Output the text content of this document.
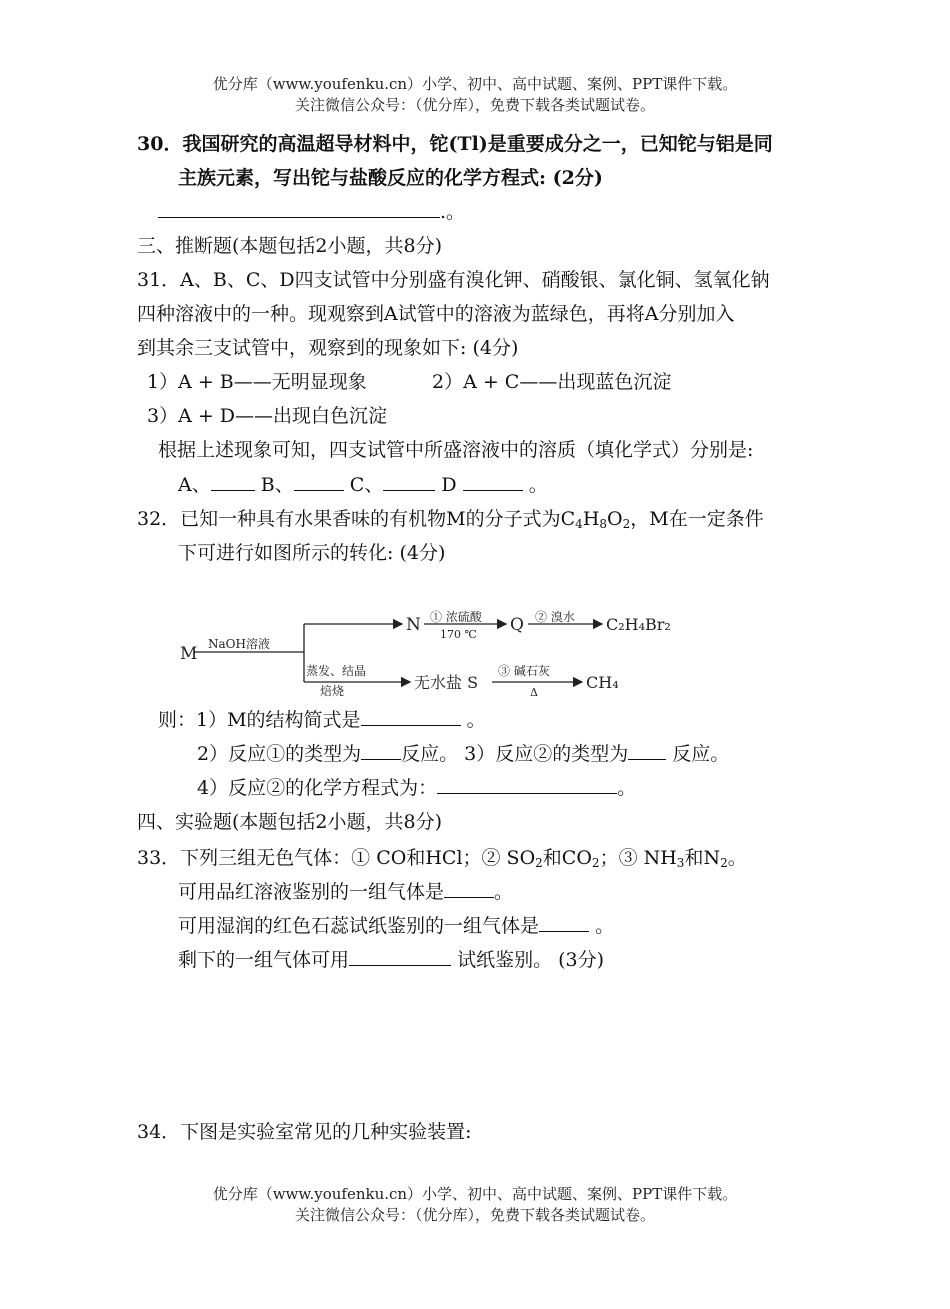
优分库（www.youfenku.cn）小学、初中、高中试题、案例、PPT课件下载。
关注微信公众号：（优分库），免费下载各类试题试卷。
30．我国研究的高温超导材料中，铊(Tl)是重要成分之一，已知铊与铝是同
主族元素，写出铊与盐酸反应的化学方程式: (2分)
.。
三、推断题(本题包括2小题，共8分)
31．A、B、C、D四支试管中分别盛有溴化钾、硝酸银、氯化铜、氢氧化钠
四种溶液中的一种。现观察到A试管中的溶液为蓝绿色，再将A分别加入
到其余三支试管中，观察到的现象如下: (4分)
1）A + B——无明显现象	2）A + C——出现蓝色沉淀
3）A + D——出现白色沉淀
根据上述现象可知，四支试管中所盛溶液中的溶质（填化学式）分别是:
A、	B、	C、	D	。
32．已知一种具有水果香味的有机物M的分子式为$C_4H_8O_2$，M在一定条件
下可进行如图所示的转化: (4分)
M NaOH溶液
N ① 浓硫酸
170 ℃ Q ② 溴水 C₂H₄Br₂
蒸发、结晶
焙烧	无水盐 S
③ 碱石灰
Δ
CH₄
则：1）M的结构简式是	。
2）反应①的类型为 反应。 3）反应②的类型为 反应。
4）反应②的化学方程式为：	。
四、实验题(本题包括2小题，共8分)
33．下列三组无色气体：① CO和HCl；② $SO_2$和$CO_2$；③ $NH_3$和$N_2$。
可用品红溶液鉴别的一组气体是	。
可用湿润的红色石蕊试纸鉴别的一组气体是	。
剩下的一组气体可用	试纸鉴别。 (3分)
34．下图是实验室常见的几种实验装置:
优分库（www.youfenku.cn）小学、初中、高中试题、案例、PPT课件下载。
关注微信公众号：（优分库），免费下载各类试题试卷。
